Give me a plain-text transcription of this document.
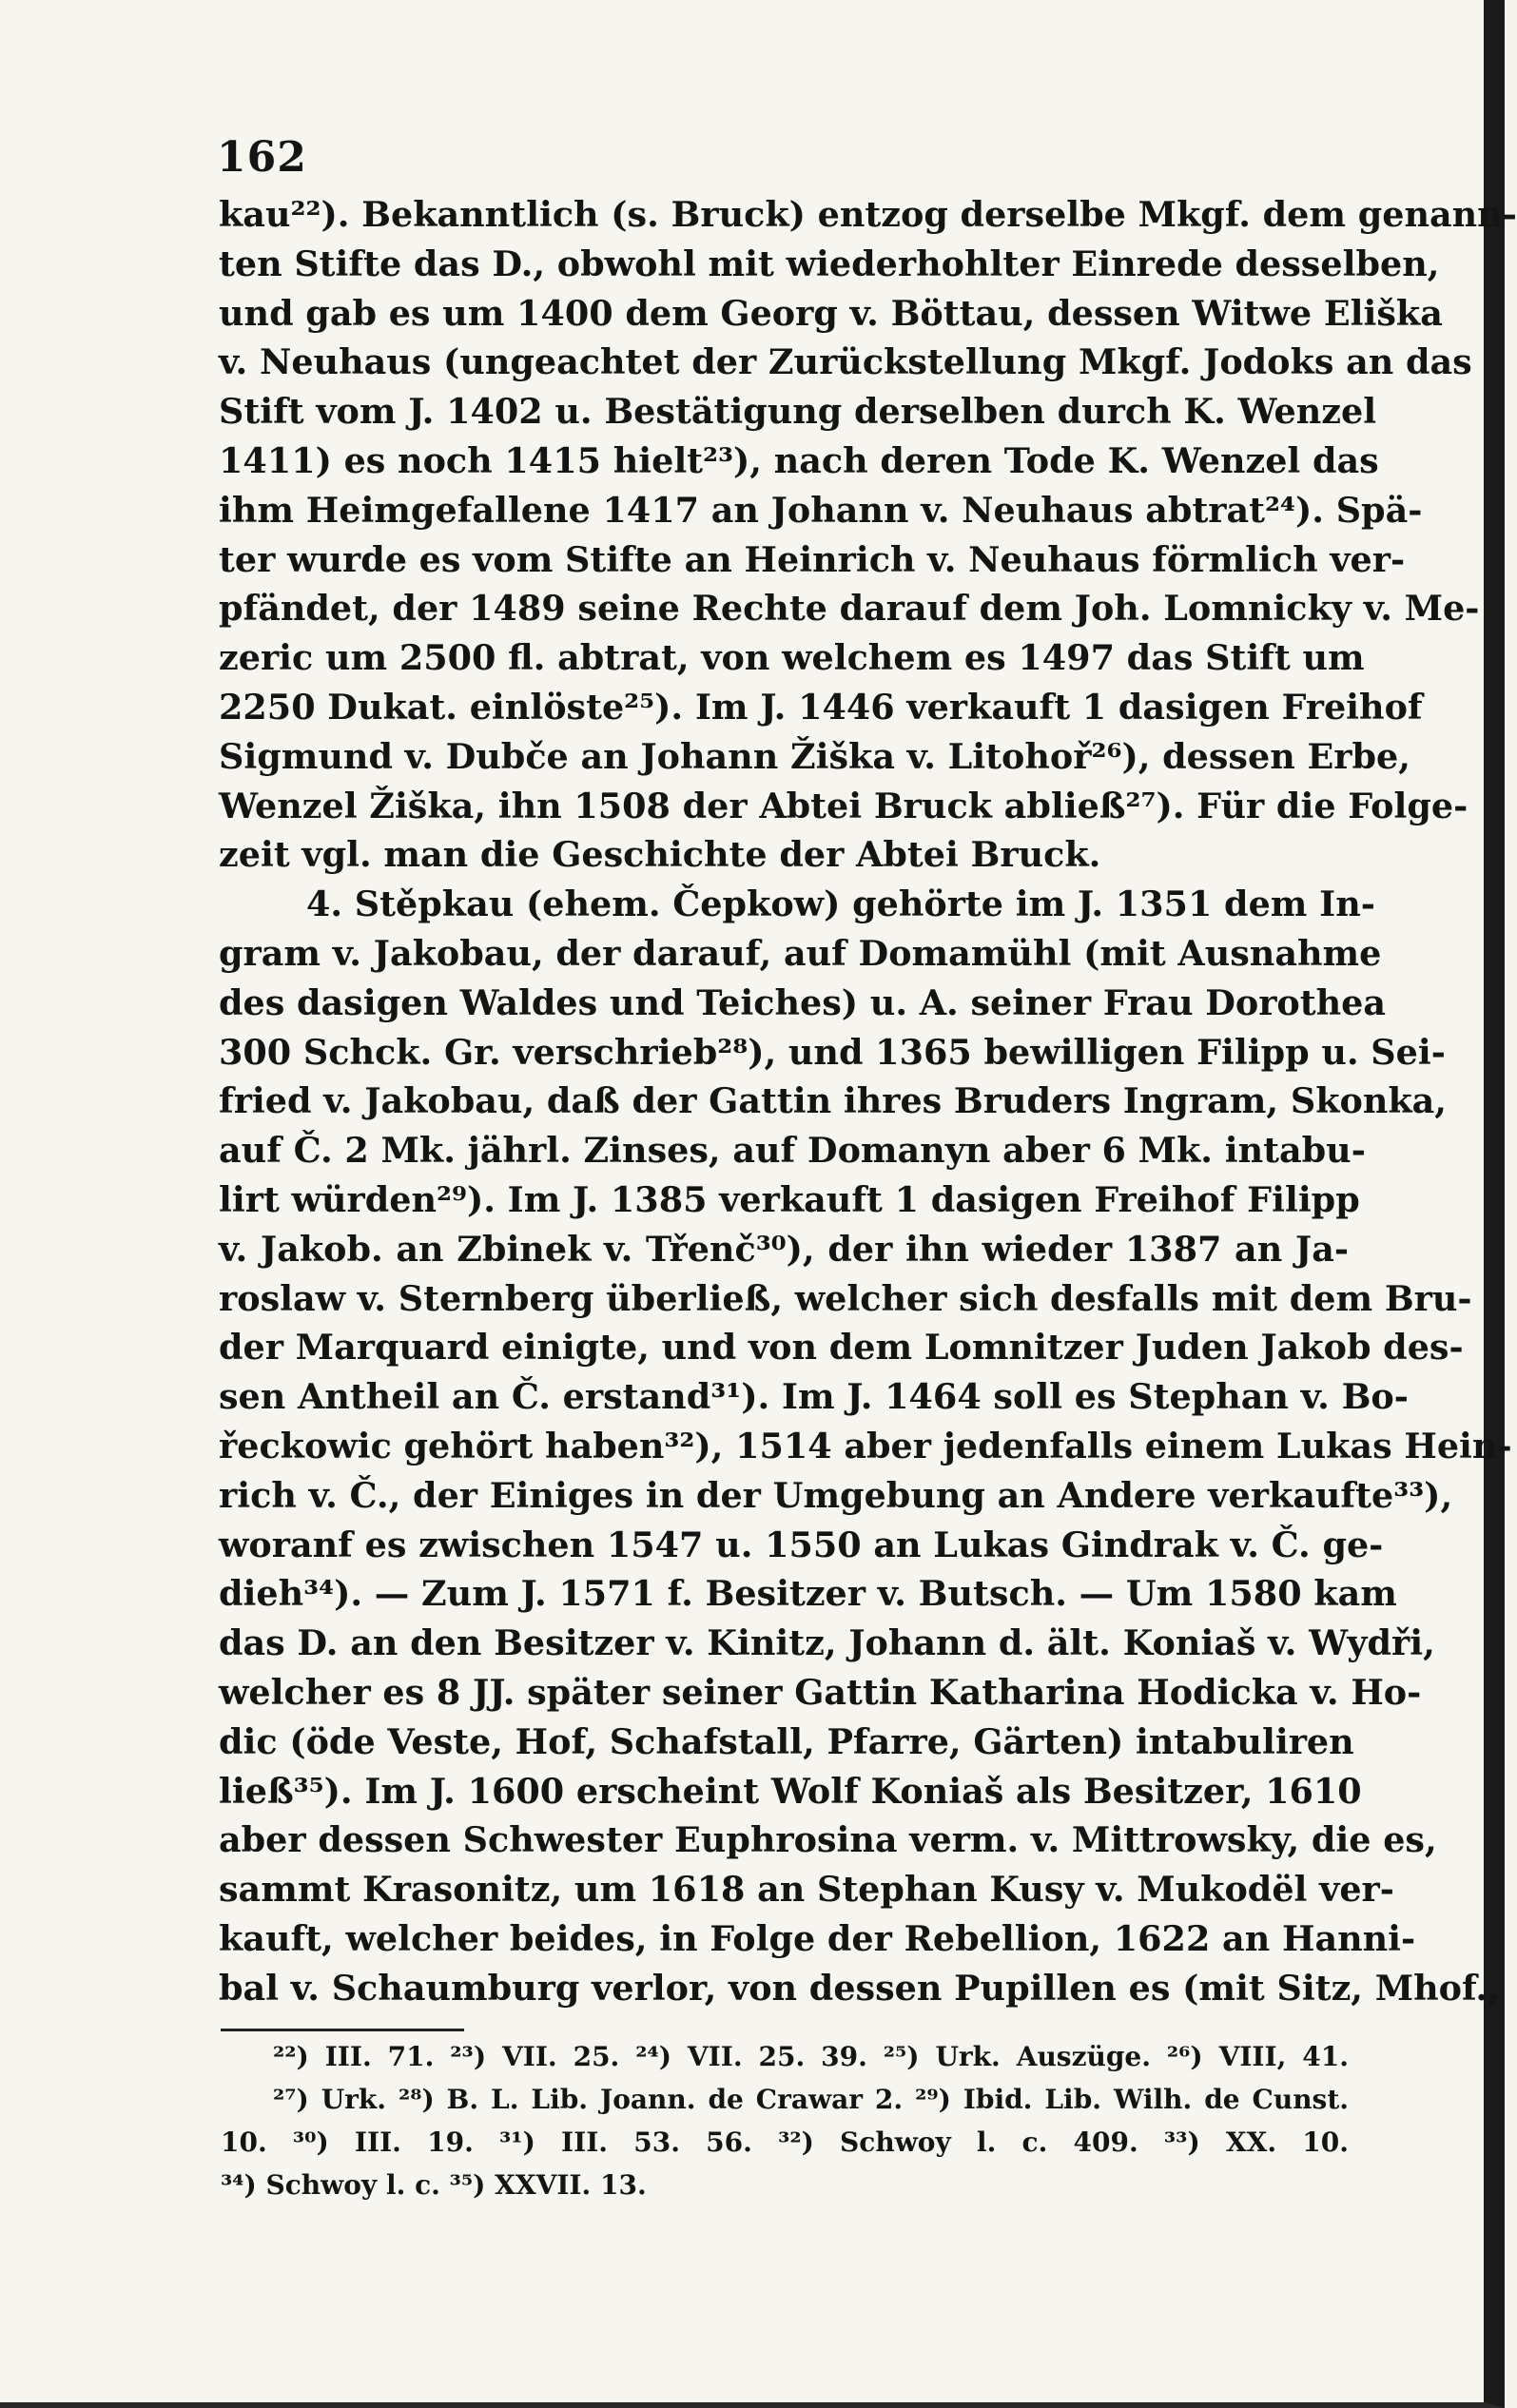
162
kau²²). Bekanntlich (s. Bruck) entzog derselbe Mkgf. dem genann-
ten Stifte das D., obwohl mit wiederhohlter Einrede desselben,
und gab es um 1400 dem Georg v. Böttau, dessen Witwe Eliška
v. Neuhaus (ungeachtet der Zurückstellung Mkgf. Jodoks an das
Stift vom J. 1402 u. Bestätigung derselben durch K. Wenzel
1411) es noch 1415 hielt²³), nach deren Tode K. Wenzel das
ihm Heimgefallene 1417 an Johann v. Neuhaus abtrat²⁴). Spä-
ter wurde es vom Stifte an Heinrich v. Neuhaus förmlich ver-
pfändet, der 1489 seine Rechte darauf dem Joh. Lomnicky v. Me-
zeric um 2500 fl. abtrat, von welchem es 1497 das Stift um
2250 Dukat. einlöste²⁵). Im J. 1446 verkauft 1 dasigen Freihof
Sigmund v. Dubče an Johann Žiška v. Litohoř²⁶), dessen Erbe,
Wenzel Žiška, ihn 1508 der Abtei Bruck abließ²⁷). Für die Folge-
zeit vgl. man die Geschichte der Abtei Bruck.
4. Stěpkau (ehem. Čepkow) gehörte im J. 1351 dem In-
gram v. Jakobau, der darauf, auf Domamühl (mit Ausnahme
des dasigen Waldes und Teiches) u. A. seiner Frau Dorothea
300 Schck. Gr. verschrieb²⁸), und 1365 bewilligen Filipp u. Sei-
fried v. Jakobau, daß der Gattin ihres Bruders Ingram, Skonka,
auf Č. 2 Mk. jährl. Zinses, auf Domanyn aber 6 Mk. intabu-
lirt würden²⁹). Im J. 1385 verkauft 1 dasigen Freihof Filipp
v. Jakob. an Zbinek v. Třenč³⁰), der ihn wieder 1387 an Ja-
roslaw v. Sternberg überließ, welcher sich desfalls mit dem Bru-
der Marquard einigte, und von dem Lomnitzer Juden Jakob des-
sen Antheil an Č. erstand³¹). Im J. 1464 soll es Stephan v. Bo-
řeckowic gehört haben³²), 1514 aber jedenfalls einem Lukas Hein-
rich v. Č., der Einiges in der Umgebung an Andere verkaufte³³),
woranf es zwischen 1547 u. 1550 an Lukas Gindrak v. Č. ge-
dieh³⁴). — Zum J. 1571 f. Besitzer v. Butsch. — Um 1580 kam
das D. an den Besitzer v. Kinitz, Johann d. ält. Koniaš v. Wydři,
welcher es 8 JJ. später seiner Gattin Katharina Hodicka v. Ho-
dic (öde Veste, Hof, Schafstall, Pfarre, Gärten) intabuliren
ließ³⁵). Im J. 1600 erscheint Wolf Koniaš als Besitzer, 1610
aber dessen Schwester Euphrosina verm. v. Mittrowsky, die es,
sammt Krasonitz, um 1618 an Stephan Kusy v. Mukodël ver-
kauft, welcher beides, in Folge der Rebellion, 1622 an Hanni-
bal v. Schaumburg verlor, von dessen Pupillen es (mit Sitz, Mhof.,
²²) III. 71. ²³) VII. 25. ²⁴) VII. 25. 39. ²⁵) Urk. Auszüge. ²⁶) VIII, 41.
²⁷) Urk. ²⁸) B. L. Lib. Joann. de Crawar 2. ²⁹) Ibid. Lib. Wilh. de Cunst.
10. ³⁰) III. 19. ³¹) III. 53. 56. ³²) Schwoy l. c. 409. ³³) XX. 10.
³⁴) Schwoy l. c. ³⁵) XXVII. 13.
